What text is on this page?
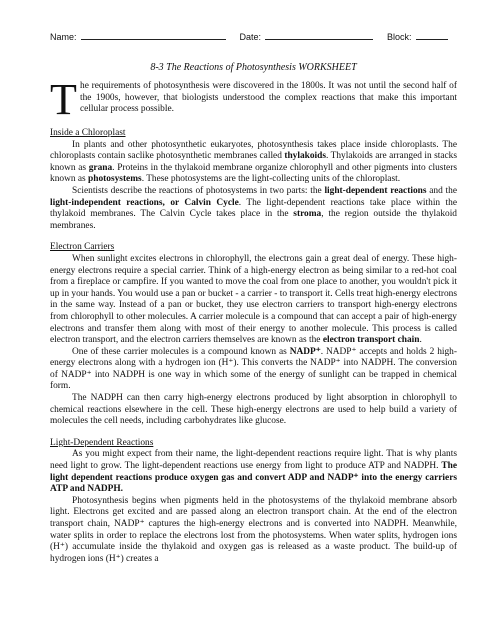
Name:	Date:	Block:
8-3 The Reactions of Photosynthesis WORKSHEET
T he requirements of photosynthesis were discovered in the 1800s. It was not until the second half of the 1900s, however, that biologists understood the complex reactions that make this important cellular process possible.

Inside a Chloroplast

In plants and other photosynthetic eukaryotes, photosynthesis takes place inside chloroplasts. The chloroplasts contain saclike photosynthetic membranes called thylakoids. Thylakoids are arranged in stacks known as grana. Proteins in the thylakoid membrane organize chlorophyll and other pigments into clusters known as photosystems. These photosystems are the light-collecting units of the chloroplast.

Scientists describe the reactions of photosystems in two parts: the light-dependent reactions and the light-independent reactions, or Calvin Cycle. The light-dependent reactions take place within the thylakoid membranes. The Calvin Cycle takes place in the stroma, the region outside the thylakoid membranes.

Electron Carriers

When sunlight excites electrons in chlorophyll, the electrons gain a great deal of energy. These high-energy electrons require a special carrier. Think of a high-energy electron as being similar to a red-hot coal from a fireplace or campfire. If you wanted to move the coal from one place to another, you wouldn't pick it up in your hands. You would use a pan or bucket - a carrier - to transport it. Cells treat high-energy electrons in the same way. Instead of a pan or bucket, they use electron carriers to transport high-energy electrons from chlorophyll to other molecules. A carrier molecule is a compound that can accept a pair of high-energy electrons and transfer them along with most of their energy to another molecule. This process is called electron transport, and the electron carriers themselves are known as the electron transport chain.

One of these carrier molecules is a compound known as NADP⁺. NADP⁺ accepts and holds 2 high-energy electrons along with a hydrogen ion (H⁺). This converts the NADP⁺ into NADPH. The conversion of NADP⁺ into NADPH is one way in which some of the energy of sunlight can be trapped in chemical form.

The NADPH can then carry high-energy electrons produced by light absorption in chlorophyll to chemical reactions elsewhere in the cell. These high-energy electrons are used to help build a variety of molecules the cell needs, including carbohydrates like glucose.

Light-Dependent Reactions

As you might expect from their name, the light-dependent reactions require light. That is why plants need light to grow. The light-dependent reactions use energy from light to produce ATP and NADPH. The light dependent reactions produce oxygen gas and convert ADP and NADP⁺ into the energy carriers ATP and NADPH.

Photosynthesis begins when pigments held in the photosystems of the thylakoid membrane absorb light. Electrons get excited and are passed along an electron transport chain. At the end of the electron transport chain, NADP⁺ captures the high-energy electrons and is converted into NADPH. Meanwhile, water splits in order to replace the electrons lost from the photosystems. When water splits, hydrogen ions (H⁺) accumulate inside the thylakoid and oxygen gas is released as a waste product. The build-up of hydrogen ions (H⁺) creates a
